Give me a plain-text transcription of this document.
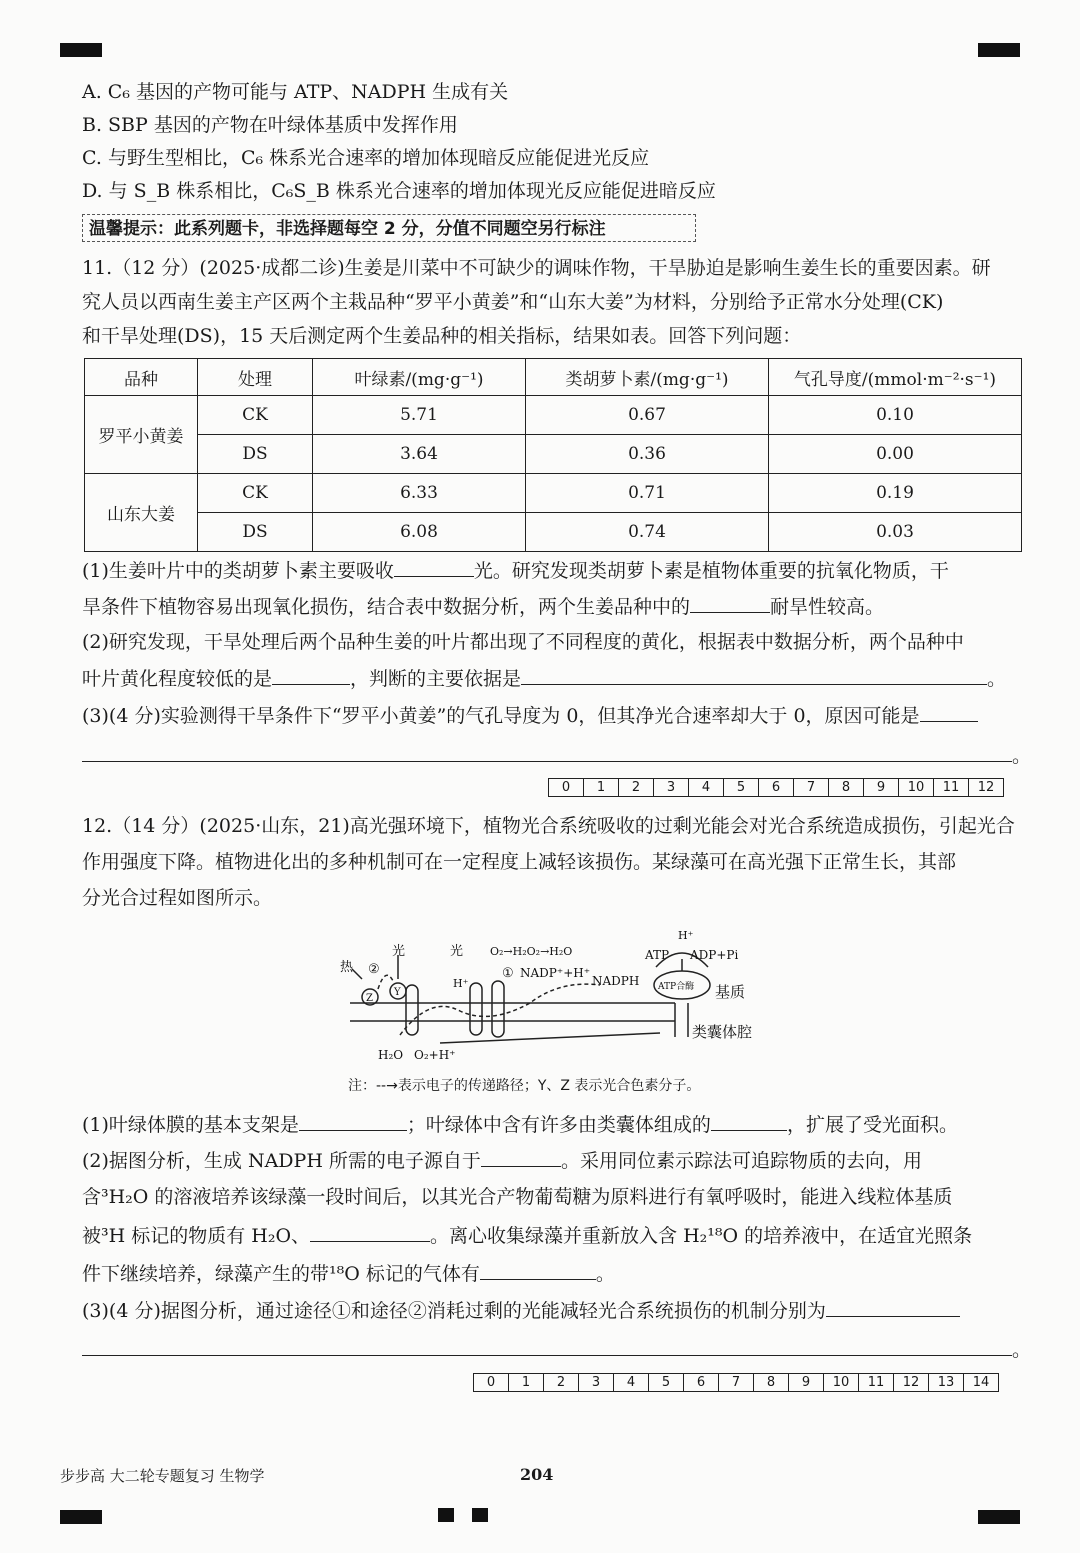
A. C₆ 基因的产物可能与 ATP、NADPH 生成有关
B. SBP 基因的产物在叶绿体基质中发挥作用
C. 与野生型相比，C₆ 株系光合速率的增加体现暗反应能促进光反应
D. 与 S_B 株系相比，C₆S_B 株系光合速率的增加体现光反应能促进暗反应
温馨提示：此系列题卡，非选择题每空 2 分，分值不同题空另行标注
11.（12 分）(2025·成都二诊)生姜是川菜中不可缺少的调味作物，干旱胁迫是影响生姜生长的重要因素。研
究人员以西南生姜主产区两个主栽品种“罗平小黄姜”和“山东大姜”为材料，分别给予正常水分处理(CK)
和干旱处理(DS)，15 天后测定两个生姜品种的相关指标，结果如表。回答下列问题：
品种	处理	叶绿素/(mg·g⁻¹)	类胡萝卜素/(mg·g⁻¹)	气孔导度/(mmol·m⁻²·s⁻¹)
罗平小黄姜	CK	5.71	0.67	0.10
	DS	3.64	0.36	0.00
山东大姜	CK	6.33	0.71	0.19
	DS	6.08	0.74	0.03
(1)生姜叶片中的类胡萝卜素主要吸收	光。研究发现类胡萝卜素是植物体重要的抗氧化物质，干
旱条件下植物容易出现氧化损伤，结合表中数据分析，两个生姜品种中的	耐旱性较高。
(2)研究发现，干旱处理后两个品种生姜的叶片都出现了不同程度的黄化，根据表中数据分析，两个品种中
叶片黄化程度较低的是	，判断的主要依据是	。
(3)(4 分)实验测得干旱条件下“罗平小黄姜”的气孔导度为 0，但其净光合速率却大于 0，原因可能是
。
0	1	2	3	4	5	6	7	8	9	10	11	12
12.（14 分）(2025·山东，21)高光强环境下，植物光合系统吸收的过剩光能会对光合系统造成损伤，引起光合
作用强度下降。植物进化出的多种机制可在一定程度上减轻该损伤。某绿藻可在高光强下正常生长，其部
分光合过程如图所示。
热 ②
光	光 O₂→H₂O₂→H₂O
① NADP⁺+H⁺
NADPH
ATP ADP+Pi
H⁺
H⁺	ATP合酶 基质
类囊体腔
Z
Y
H₂O O₂+H⁺
注：--→表示电子的传递路径；Y、Z 表示光合色素分子。
(1)叶绿体膜的基本支架是	；叶绿体中含有许多由类囊体组成的	，扩展了受光面积。
(2)据图分析，生成 NADPH 所需的电子源自于	。采用同位素示踪法可追踪物质的去向，用
含³H₂O 的溶液培养该绿藻一段时间后，以其光合产物葡萄糖为原料进行有氧呼吸时，能进入线粒体基质
被³H 标记的物质有 H₂O、	。离心收集绿藻并重新放入含 H₂¹⁸O 的培养液中，在适宜光照条
件下继续培养，绿藻产生的带¹⁸O 标记的气体有	。
(3)(4 分)据图分析，通过途径①和途径②消耗过剩的光能减轻光合系统损伤的机制分别为
。
0	1	2	3	4	5	6	7	8	9	10	11	12	13	14
步步高 大二轮专题复习 生物学	204
